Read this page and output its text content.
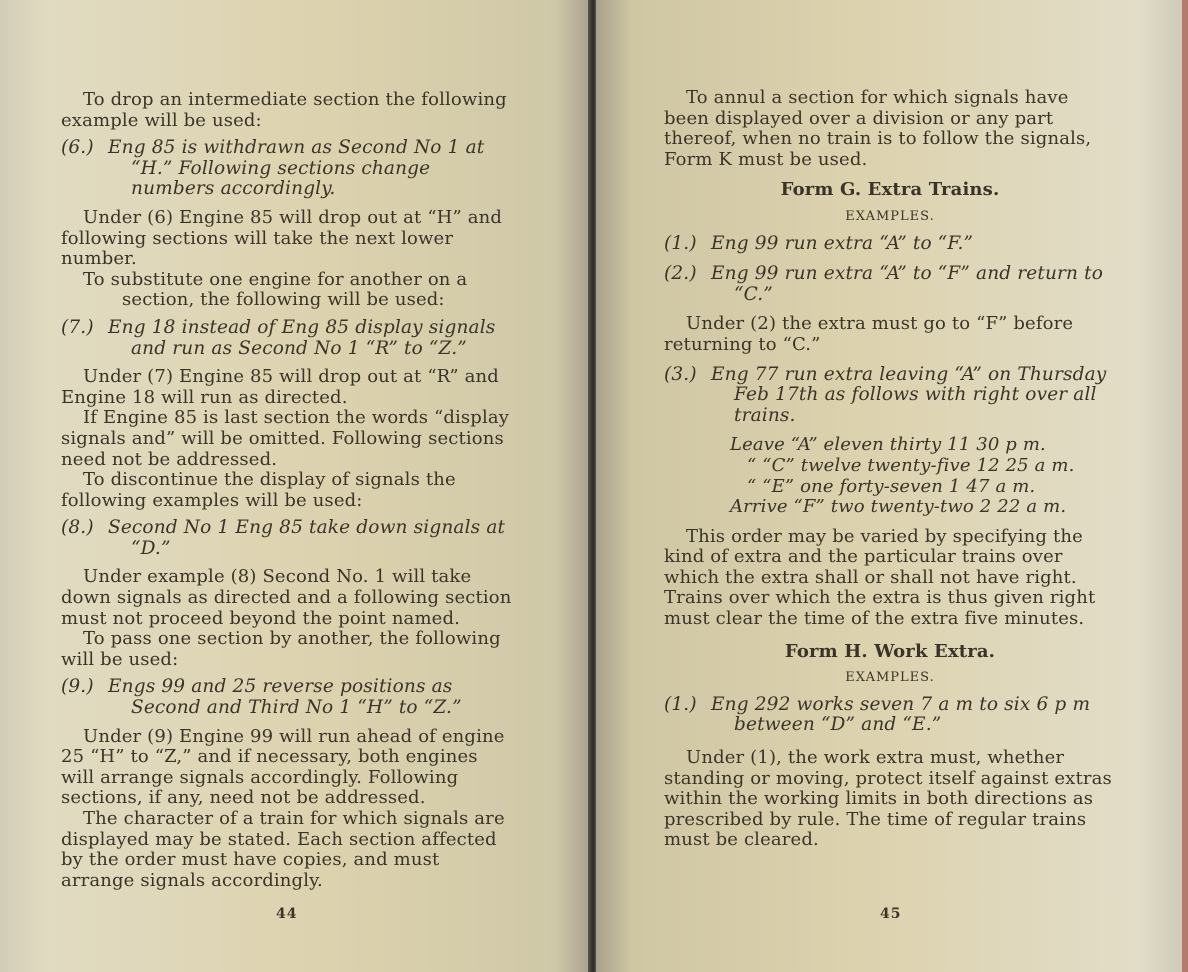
To drop an intermediate section the following example will be used:

(6.) Eng 85 is withdrawn as Second No 1 at “H.” Following sections change numbers accordingly.

Under (6) Engine 85 will drop out at “H” and following sections will take the next lower number.

To substitute one engine for another on a section, the following will be used:

(7.) Eng 18 instead of Eng 85 display signals and run as Second No 1 “R” to “Z.”

Under (7) Engine 85 will drop out at “R” and Engine 18 will run as directed.

If Engine 85 is last section the words “display signals and” will be omitted. Following sections need not be addressed.

To discontinue the display of signals the following examples will be used:

(8.) Second No 1 Eng 85 take down signals at “D.”

Under example (8) Second No. 1 will take down signals as directed and a following section must not proceed beyond the point named.

To pass one section by another, the following will be used:

(9.) Engs 99 and 25 reverse positions as Second and Third No 1 “H” to “Z.”

Under (9) Engine 99 will run ahead of engine 25 “H” to “Z,” and if necessary, both engines will arrange signals accordingly. Following sections, if any, need not be addressed.

The character of a train for which signals are displayed may be stated. Each section affected by the order must have copies, and must arrange signals accordingly.

44

To annul a section for which signals have been displayed over a division or any part thereof, when no train is to follow the signals, Form K must be used.

Form G. Extra Trains.
EXAMPLES.
(1.) Eng 99 run extra “A” to “F.”
(2.) Eng 99 run extra “A” to “F” and return to “C.”

Under (2) the extra must go to “F” before returning to “C.”

(3.) Eng 77 run extra leaving “A” on Thursday Feb 17th as follows with right over all trains.
Leave “A” eleven thirty 11 30 p m.
“ “C” twelve twenty-five 12 25 a m.
“ “E” one forty-seven 1 47 a m.
Arrive “F” two twenty-two 2 22 a m.

This order may be varied by specifying the kind of extra and the particular trains over which the extra shall or shall not have right. Trains over which the extra is thus given right must clear the time of the extra five minutes.

Form H. Work Extra.
EXAMPLES.
(1.) Eng 292 works seven 7 a m to six 6 p m between “D” and “E.”

Under (1), the work extra must, whether standing or moving, protect itself against extras within the working limits in both directions as prescribed by rule. The time of regular trains must be cleared.

45
